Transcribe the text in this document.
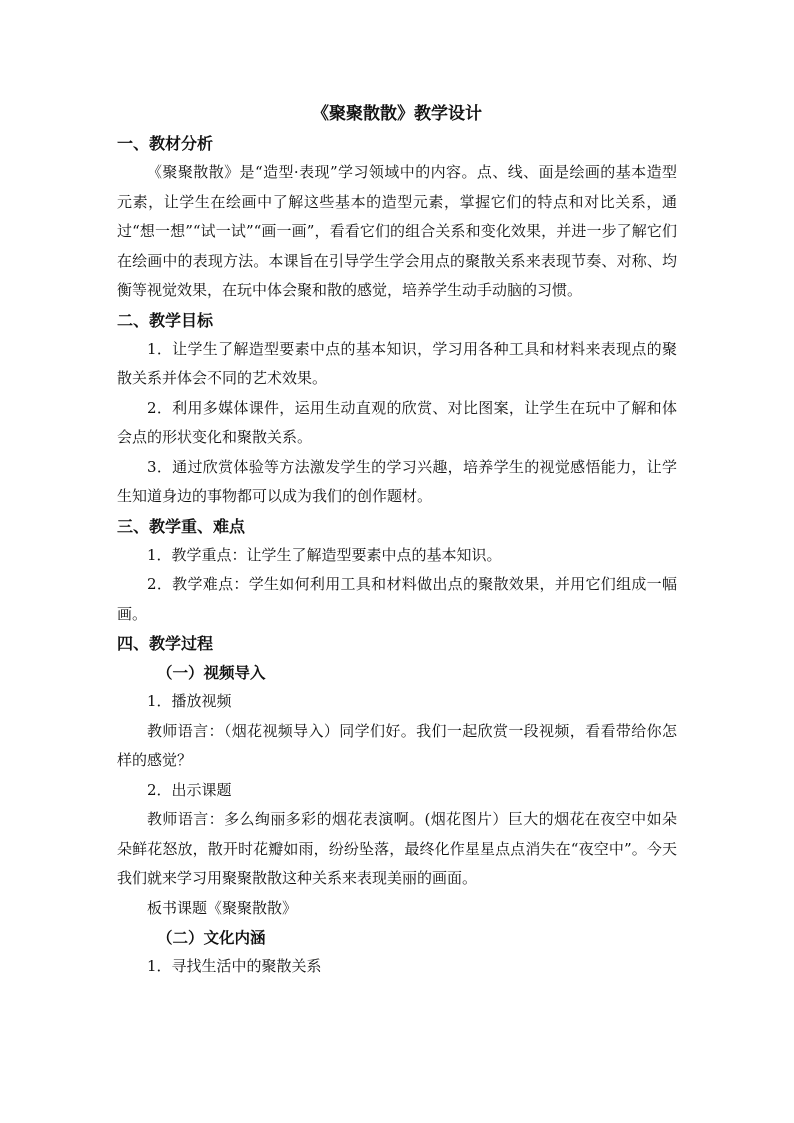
《聚聚散散》教学设计

一、教材分析

《聚聚散散》是“造型·表现”学习领域中的内容。点、线、面是绘画的基本造型元素，让学生在绘画中了解这些基本的造型元素，掌握它们的特点和对比关系，通过“想一想”“试一试”“画一画”，看看它们的组合关系和变化效果，并进一步了解它们在绘画中的表现方法。本课旨在引导学生学会用点的聚散关系来表现节奏、对称、均衡等视觉效果，在玩中体会聚和散的感觉，培养学生动手动脑的习惯。

二、教学目标

1．让学生了解造型要素中点的基本知识，学习用各种工具和材料来表现点的聚散关系并体会不同的艺术效果。

2．利用多媒体课件，运用生动直观的欣赏、对比图案，让学生在玩中了解和体会点的形状变化和聚散关系。

3．通过欣赏体验等方法激发学生的学习兴趣，培养学生的视觉感悟能力，让学生知道身边的事物都可以成为我们的创作题材。

三、教学重、难点

1．教学重点：让学生了解造型要素中点的基本知识。

2．教学难点：学生如何利用工具和材料做出点的聚散效果，并用它们组成一幅画。

四、教学过程

（一）视频导入

1．播放视频

教师语言：（烟花视频导入）同学们好。我们一起欣赏一段视频，看看带给你怎样的感觉？

2．出示课题

教师语言：多么绚丽多彩的烟花表演啊。(烟花图片）巨大的烟花在夜空中如朵朵鲜花怒放，散开时花瓣如雨，纷纷坠落，最终化作星星点点消失在“夜空中”。今天我们就来学习用聚聚散散这种关系来表现美丽的画面。

板书课题《聚聚散散》

（二）文化内涵

1．寻找生活中的聚散关系
